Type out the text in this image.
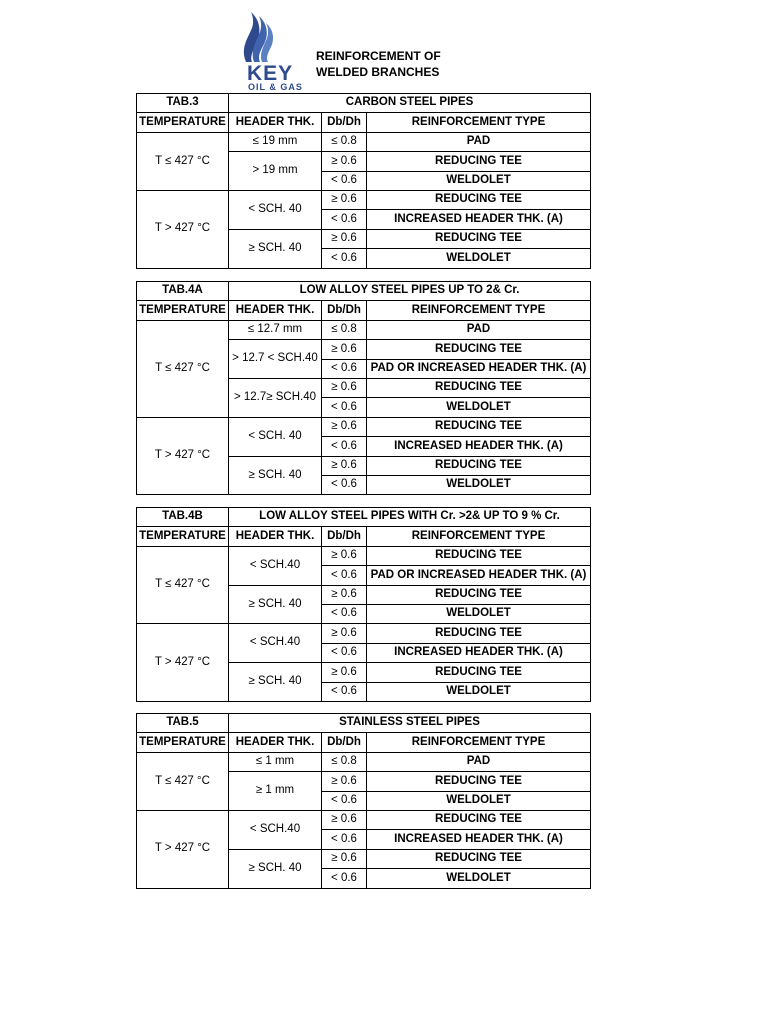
KEY
OIL & GAS
REINFORCEMENT OF
WELDED BRANCHES
TAB.3	CARBON STEEL PIPES		
TEMPERATURE	HEADER THK.	Db/Dh	REINFORCEMENT TYPE
T ≤ 427 °C	≤ 19 mm	≤ 0.8	PAD
	> 19 mm	≥ 0.6	REDUCING TEE
		< 0.6	WELDOLET
T > 427 °C	< SCH. 40	≥ 0.6	REDUCING TEE
		< 0.6	INCREASED HEADER THK. (A)
	≥ SCH. 40	≥ 0.6	REDUCING TEE
		< 0.6	WELDOLET
TAB.4A	LOW ALLOY STEEL PIPES UP TO 2& Cr.		
TEMPERATURE	HEADER THK.	Db/Dh	REINFORCEMENT TYPE
T ≤ 427 °C	≤ 12.7 mm	≤ 0.8	PAD
	> 12.7 < SCH.40	≥ 0.6	REDUCING TEE
		< 0.6	PAD OR INCREASED HEADER THK. (A)
	> 12.7≥ SCH.40	≥ 0.6	REDUCING TEE
		< 0.6	WELDOLET
T > 427 °C	< SCH. 40	≥ 0.6	REDUCING TEE
		< 0.6	INCREASED HEADER THK. (A)
	≥ SCH. 40	≥ 0.6	REDUCING TEE
		< 0.6	WELDOLET
TAB.4B	LOW ALLOY STEEL PIPES WITH Cr. >2& UP TO 9 % Cr.		
TEMPERATURE	HEADER THK.	Db/Dh	REINFORCEMENT TYPE
T ≤ 427 °C	< SCH.40	≥ 0.6	REDUCING TEE
		< 0.6	PAD OR INCREASED HEADER THK. (A)
	≥ SCH. 40	≥ 0.6	REDUCING TEE
		< 0.6	WELDOLET
T > 427 °C	< SCH.40	≥ 0.6	REDUCING TEE
		< 0.6	INCREASED HEADER THK. (A)
	≥ SCH. 40	≥ 0.6	REDUCING TEE
		< 0.6	WELDOLET
TAB.5	STAINLESS STEEL PIPES		
TEMPERATURE	HEADER THK.	Db/Dh	REINFORCEMENT TYPE
T ≤ 427 °C	≤ 1 mm	≤ 0.8	PAD
	≥ 1 mm	≥ 0.6	REDUCING TEE
		< 0.6	WELDOLET
T > 427 °C	< SCH.40	≥ 0.6	REDUCING TEE
		< 0.6	INCREASED HEADER THK. (A)
	≥ SCH. 40	≥ 0.6	REDUCING TEE
		< 0.6	WELDOLET
